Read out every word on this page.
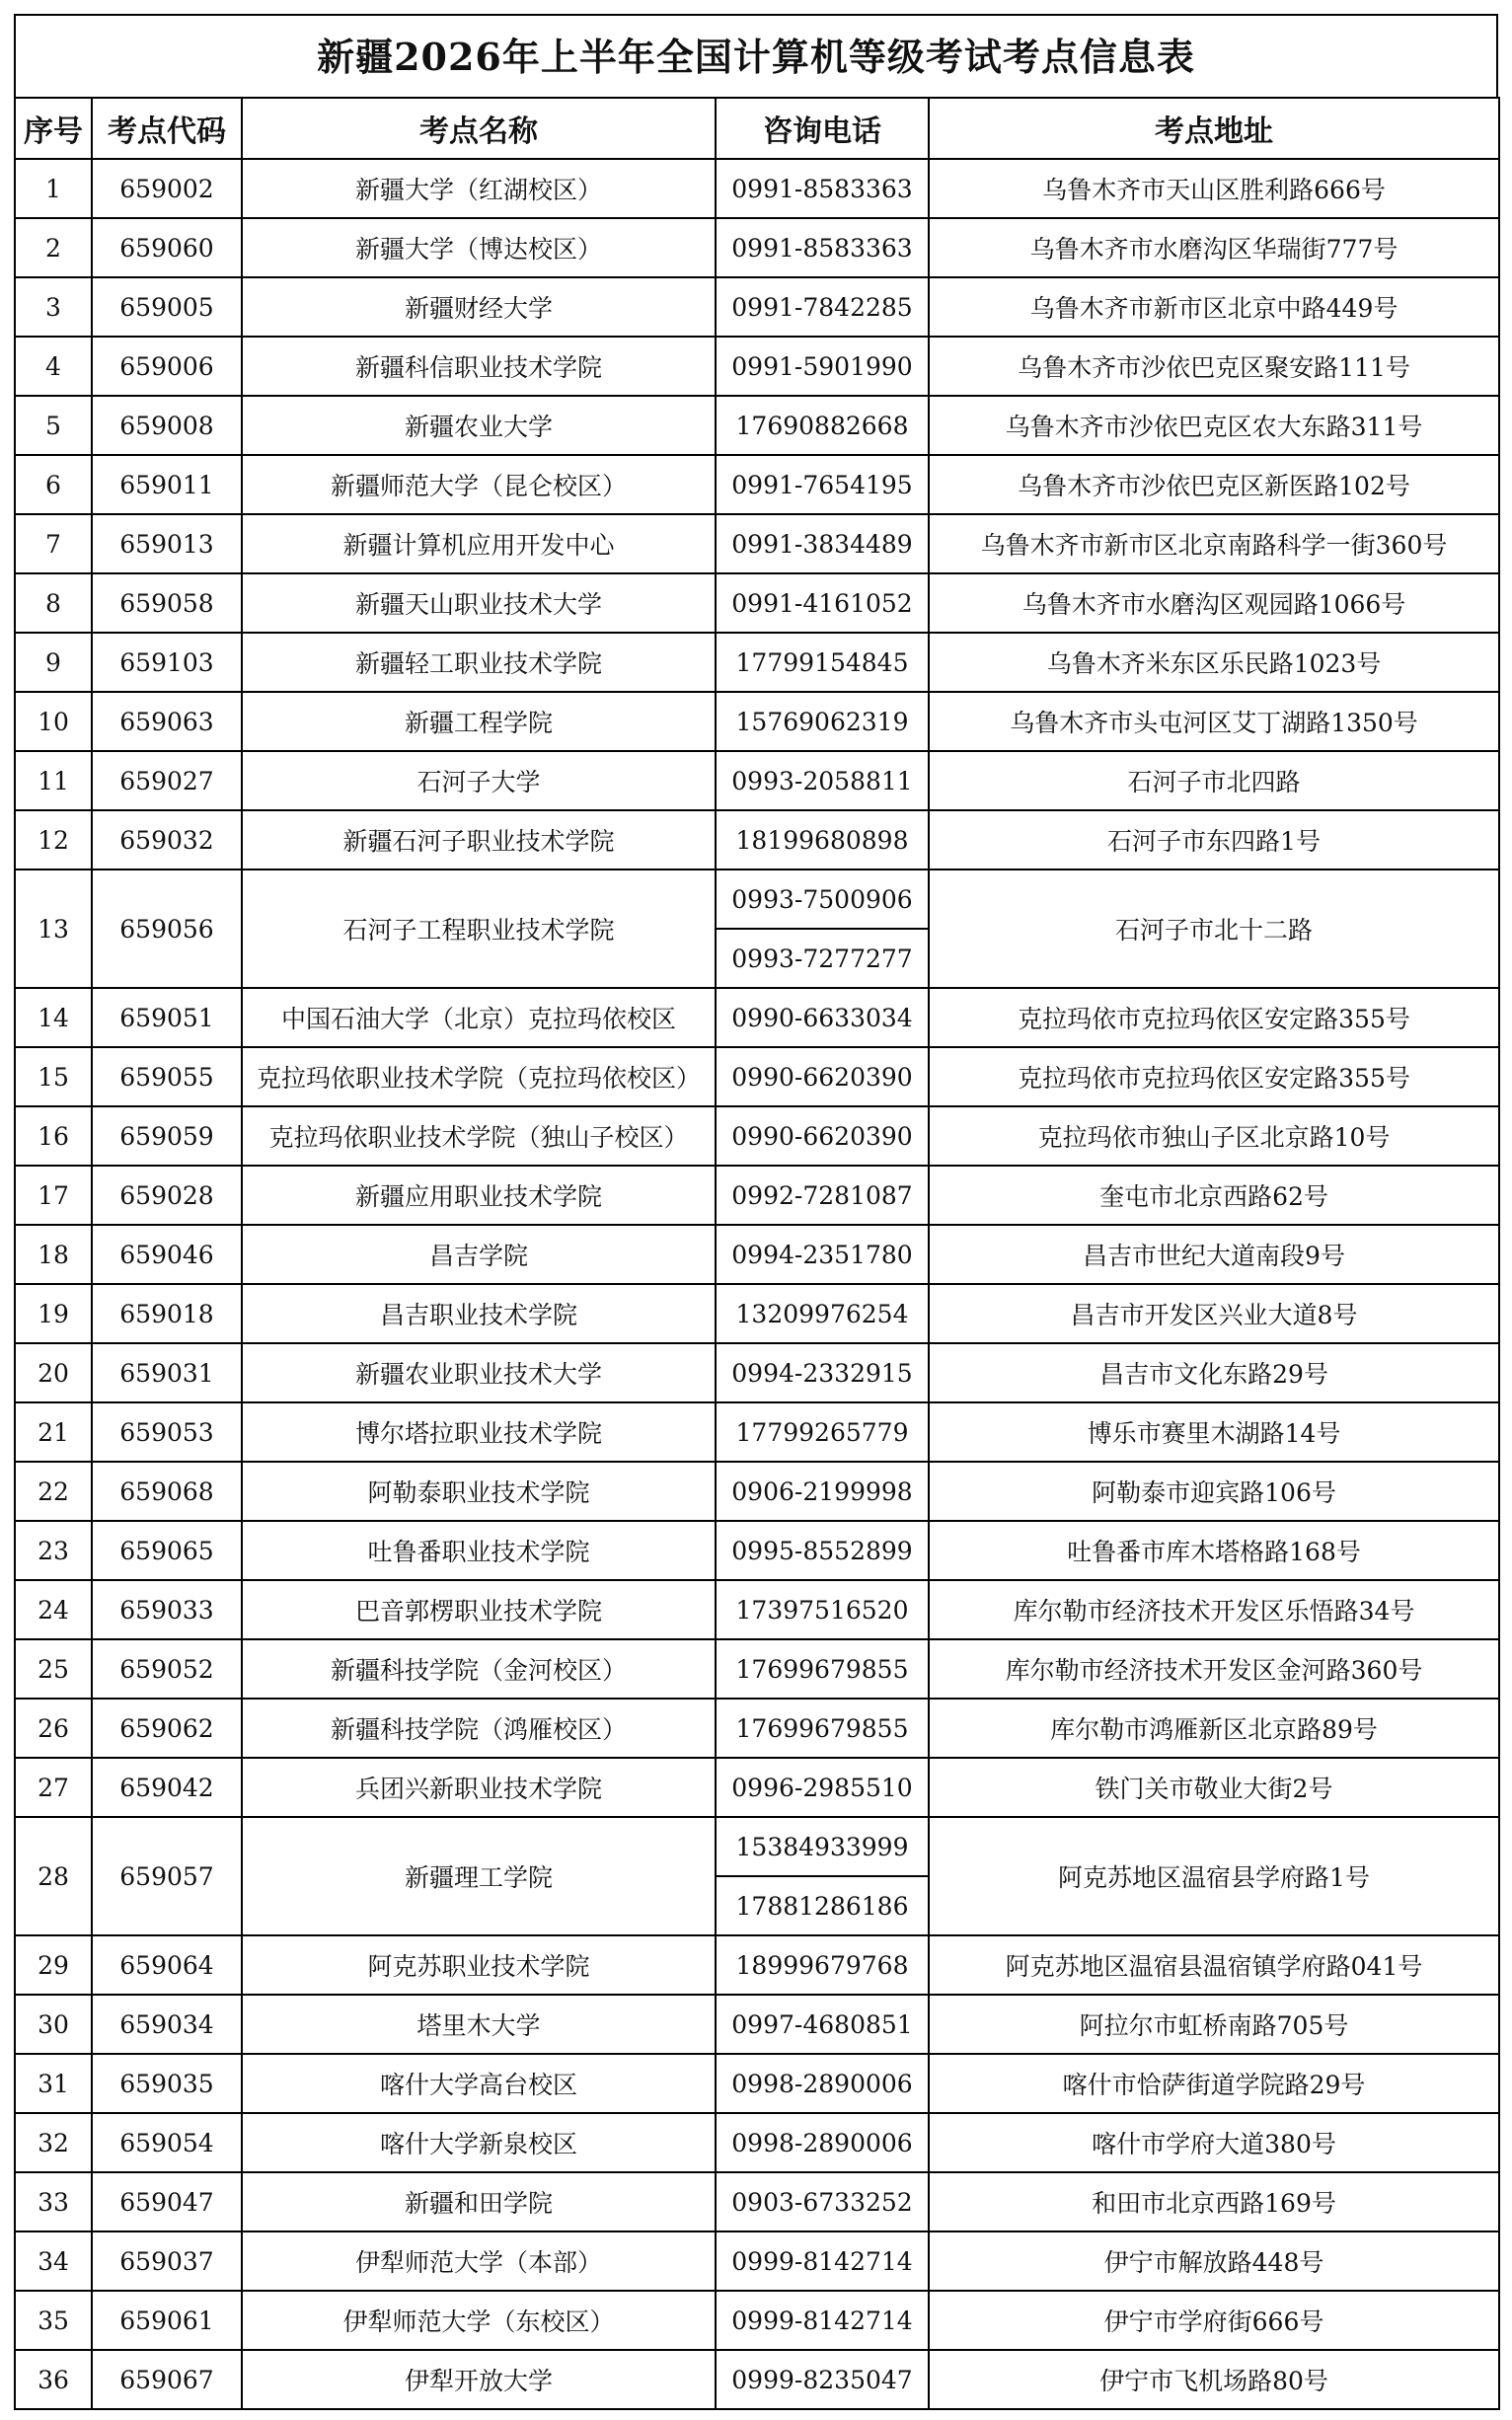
新疆2026年上半年全国计算机等级考试考点信息表
序号	考点代码	考点名称	咨询电话	考点地址
1	659002	新疆大学（红湖校区）	0991-8583363	乌鲁木齐市天山区胜利路666号
2	659060	新疆大学（博达校区）	0991-8583363	乌鲁木齐市水磨沟区华瑞街777号
3	659005	新疆财经大学	0991-7842285	乌鲁木齐市新市区北京中路449号
4	659006	新疆科信职业技术学院	0991-5901990	乌鲁木齐市沙依巴克区聚安路111号
5	659008	新疆农业大学	17690882668	乌鲁木齐市沙依巴克区农大东路311号
6	659011	新疆师范大学（昆仑校区）	0991-7654195	乌鲁木齐市沙依巴克区新医路102号
7	659013	新疆计算机应用开发中心	0991-3834489	乌鲁木齐市新市区北京南路科学一街360号
8	659058	新疆天山职业技术大学	0991-4161052	乌鲁木齐市水磨沟区观园路1066号
9	659103	新疆轻工职业技术学院	17799154845	乌鲁木齐米东区乐民路1023号
10	659063	新疆工程学院	15769062319	乌鲁木齐市头屯河区艾丁湖路1350号
11	659027	石河子大学	0993-2058811	石河子市北四路
12	659032	新疆石河子职业技术学院	18199680898	石河子市东四路1号
13	659056	石河子工程职业技术学院	0993-7500906	石河子市北十二路
			0993-7277277	
14	659051	中国石油大学（北京）克拉玛依校区	0990-6633034	克拉玛依市克拉玛依区安定路355号
15	659055	克拉玛依职业技术学院（克拉玛依校区）	0990-6620390	克拉玛依市克拉玛依区安定路355号
16	659059	克拉玛依职业技术学院（独山子校区）	0990-6620390	克拉玛依市独山子区北京路10号
17	659028	新疆应用职业技术学院	0992-7281087	奎屯市北京西路62号
18	659046	昌吉学院	0994-2351780	昌吉市世纪大道南段9号
19	659018	昌吉职业技术学院	13209976254	昌吉市开发区兴业大道8号
20	659031	新疆农业职业技术大学	0994-2332915	昌吉市文化东路29号
21	659053	博尔塔拉职业技术学院	17799265779	博乐市赛里木湖路14号
22	659068	阿勒泰职业技术学院	0906-2199998	阿勒泰市迎宾路106号
23	659065	吐鲁番职业技术学院	0995-8552899	吐鲁番市库木塔格路168号
24	659033	巴音郭楞职业技术学院	17397516520	库尔勒市经济技术开发区乐悟路34号
25	659052	新疆科技学院（金河校区）	17699679855	库尔勒市经济技术开发区金河路360号
26	659062	新疆科技学院（鸿雁校区）	17699679855	库尔勒市鸿雁新区北京路89号
27	659042	兵团兴新职业技术学院	0996-2985510	铁门关市敬业大街2号
28	659057	新疆理工学院	15384933999	阿克苏地区温宿县学府路1号
			17881286186	
29	659064	阿克苏职业技术学院	18999679768	阿克苏地区温宿县温宿镇学府路041号
30	659034	塔里木大学	0997-4680851	阿拉尔市虹桥南路705号
31	659035	喀什大学高台校区	0998-2890006	喀什市恰萨街道学院路29号
32	659054	喀什大学新泉校区	0998-2890006	喀什市学府大道380号
33	659047	新疆和田学院	0903-6733252	和田市北京西路169号
34	659037	伊犁师范大学（本部）	0999-8142714	伊宁市解放路448号
35	659061	伊犁师范大学（东校区）	0999-8142714	伊宁市学府街666号
36	659067	伊犁开放大学	0999-8235047	伊宁市飞机场路80号
